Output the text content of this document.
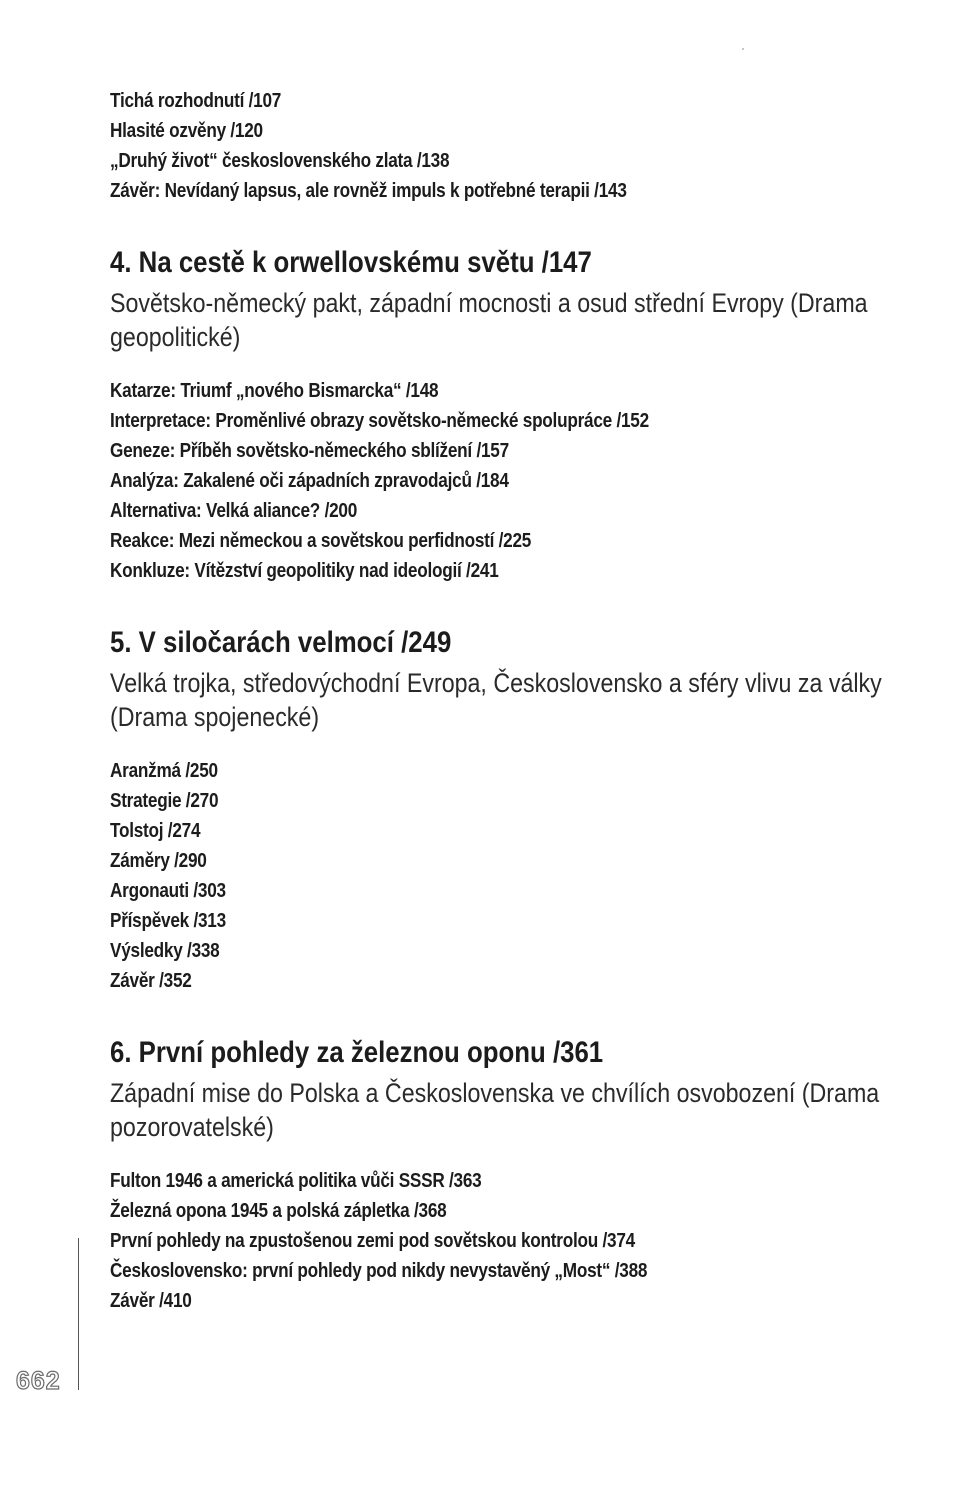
Tichá rozhodnutí /107
Hlasité ozvěny /120
„Druhý život“ československého zlata /138
Závěr: Nevídaný lapsus, ale rovněž impuls k potřebné terapii /143
4. Na cestě k orwellovskému světu /147

Sovětsko-německý pakt, západní mocnosti a osud střední Evropy (Drama geopolitické)

Katarze: Triumf „nového Bismarcka“ /148
Interpretace: Proměnlivé obrazy sovětsko-německé spolupráce /152
Geneze: Příběh sovětsko-německého sblížení /157
Analýza: Zakalené oči západních zpravodajců /184
Alternativa: Velká aliance? /200
Reakce: Mezi německou a sovětskou perfidností /225
Konkluze: Vítězství geopolitiky nad ideologií /241
5. V siločarách velmocí /249

Velká trojka, středovýchodní Evropa, Československo a sféry vlivu za války (Drama spojenecké)

Aranžmá /250
Strategie /270
Tolstoj /274
Záměry /290
Argonauti /303
Příspěvek /313
Výsledky /338
Závěr /352
6. První pohledy za železnou oponu /361

Západní mise do Polska a Československa ve chvílích osvobození (Drama pozorovatelské)

Fulton 1946 a americká politika vůči SSSR /363
Železná opona 1945 a polská zápletka /368
První pohledy na zpustošenou zemi pod sovětskou kontrolou /374
Československo: první pohledy pod nikdy nevystavěný „Most“ /388
Závěr /410
662
